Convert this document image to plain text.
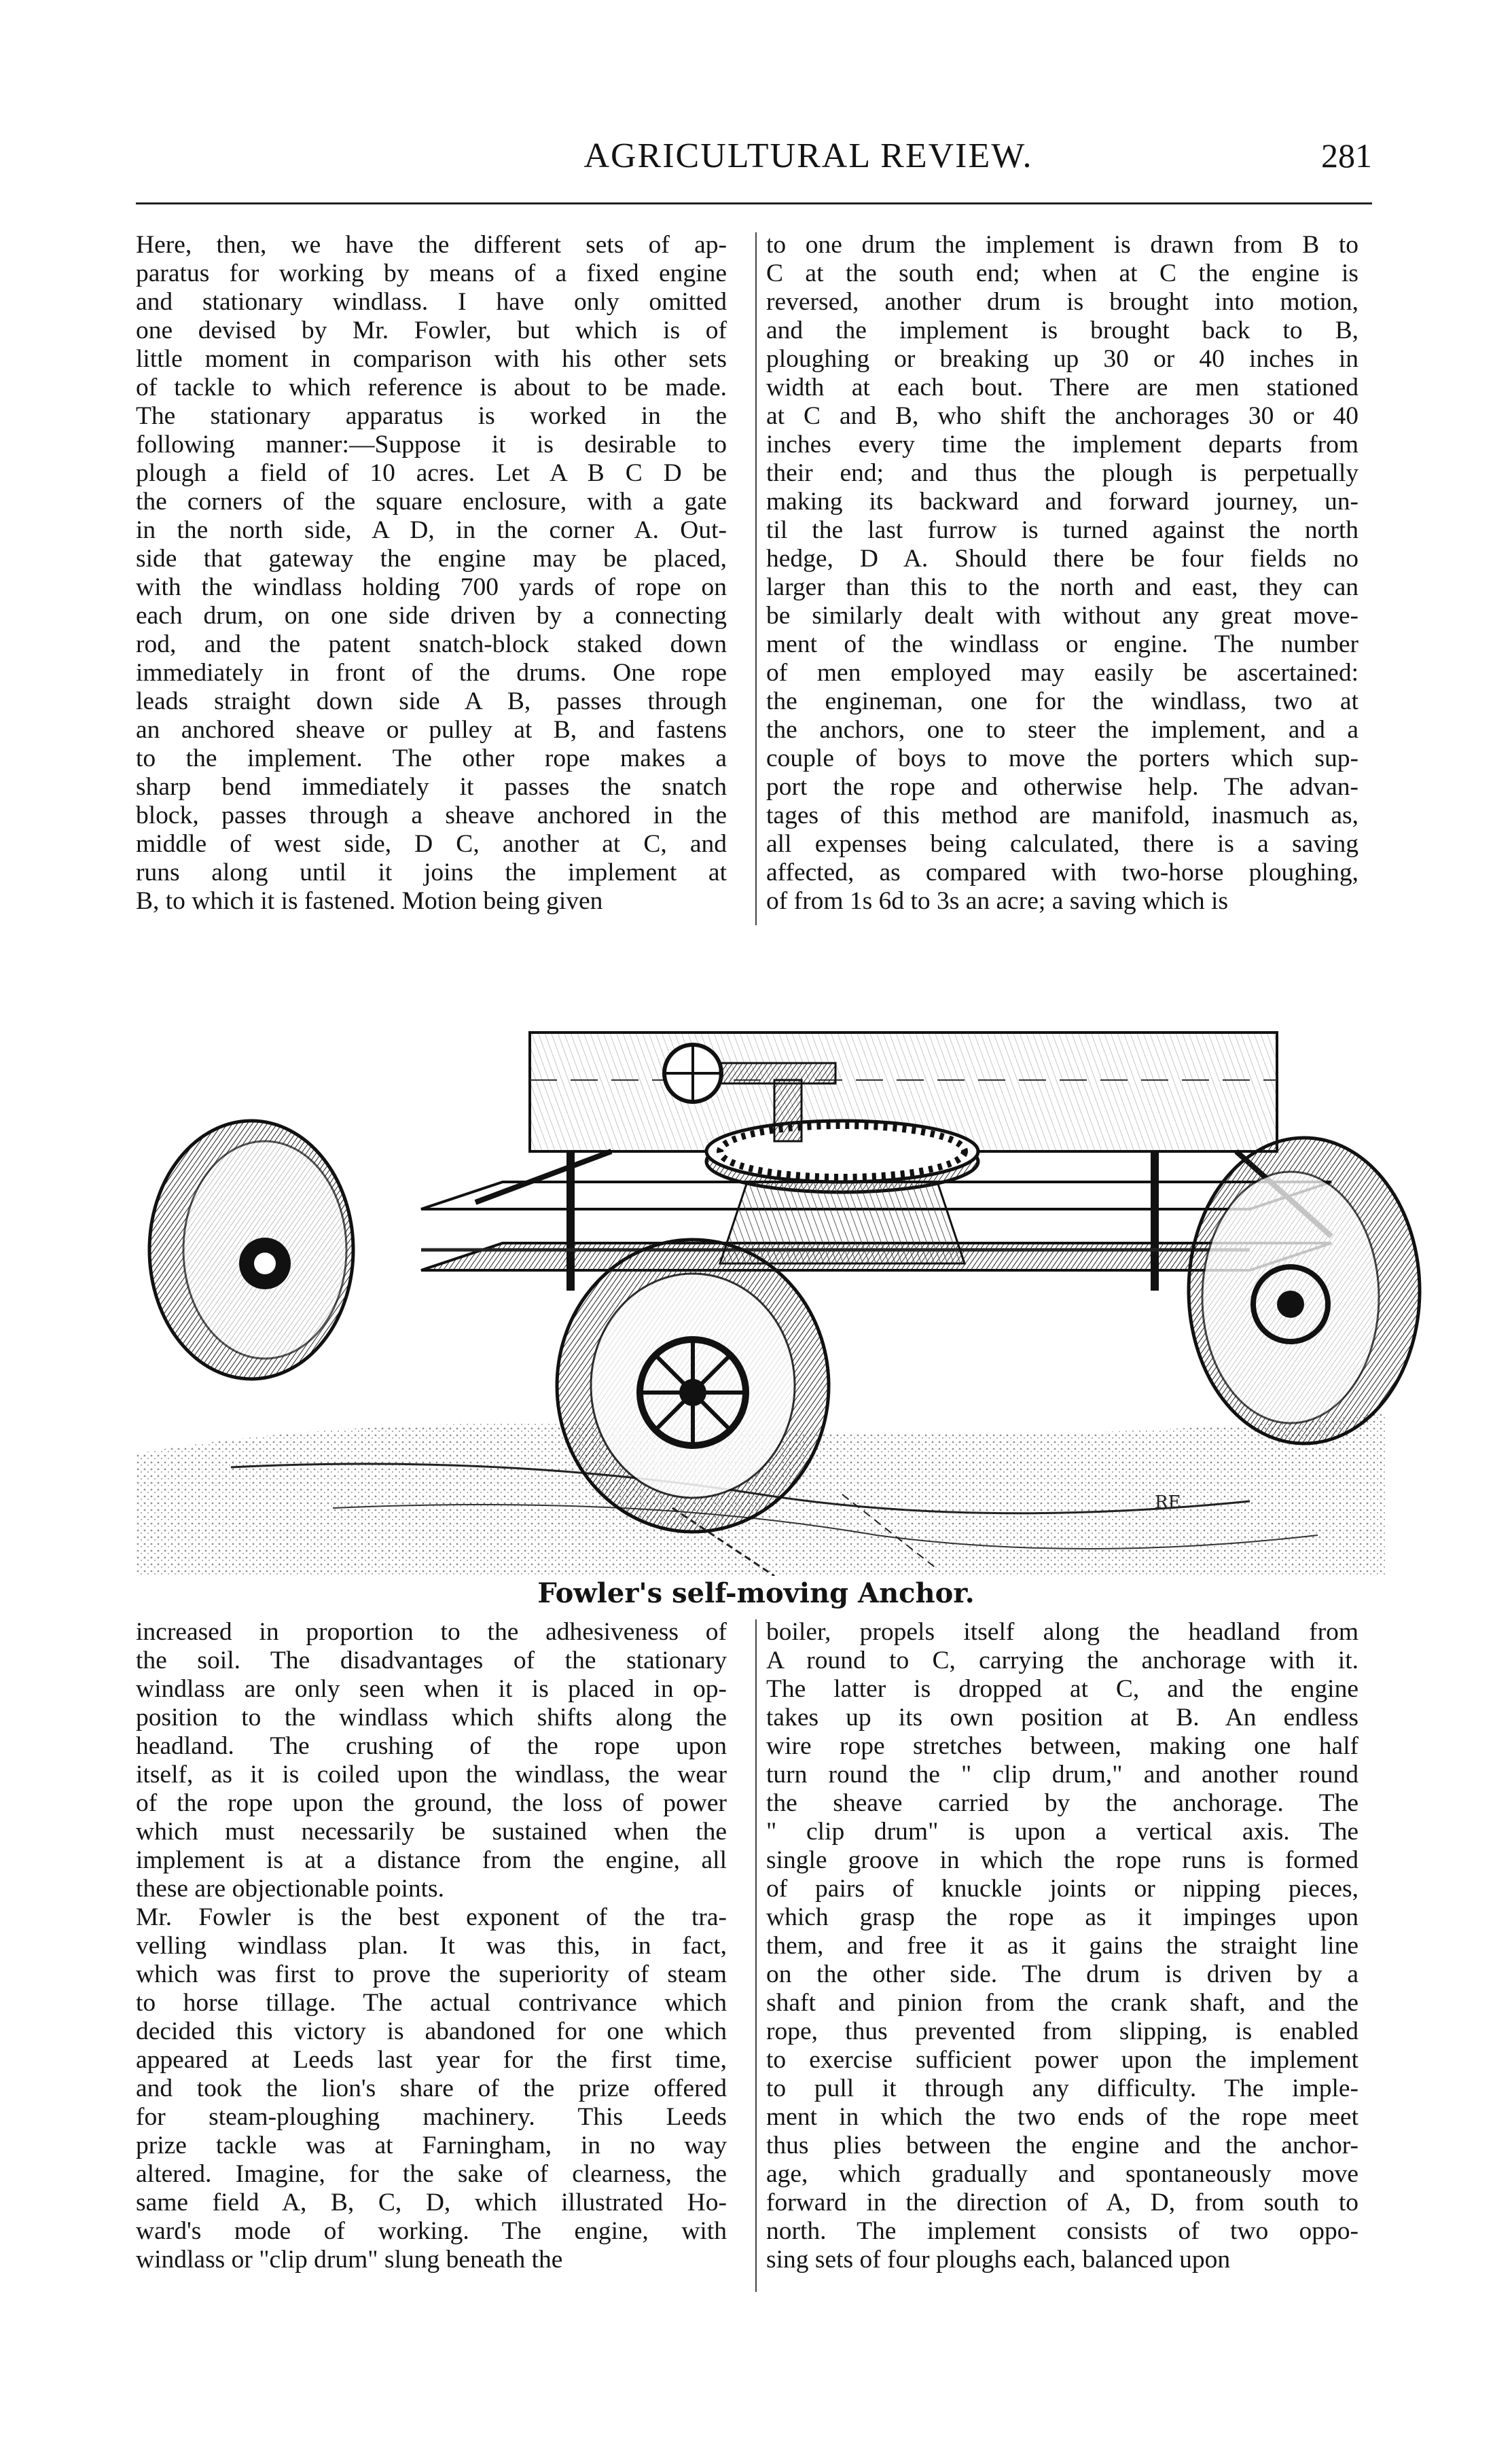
AGRICULTURAL REVIEW.	281

Here, then, we have the different sets of ap-
paratus for working by means of a fixed engine
and stationary windlass. I have only omitted
one devised by Mr. Fowler, but which is of
little moment in comparison with his other sets
of tackle to which reference is about to be made.
The stationary apparatus is worked in the
following manner:—Suppose it is desirable to
plough a field of 10 acres. Let A B C D be
the corners of the square enclosure, with a gate
in the north side, A D, in the corner A. Out-
side that gateway the engine may be placed,
with the windlass holding 700 yards of rope on
each drum, on one side driven by a connecting
rod, and the patent snatch-block staked down
immediately in front of the drums. One rope
leads straight down side A B, passes through
an anchored sheave or pulley at B, and fastens
to the implement. The other rope makes a
sharp bend immediately it passes the snatch
block, passes through a sheave anchored in the
middle of west side, D C, another at C, and
runs along until it joins the implement at
B, to which it is fastened. Motion being given

to one drum the implement is drawn from B to
C at the south end; when at C the engine is
reversed, another drum is brought into motion,
and the implement is brought back to B,
ploughing or breaking up 30 or 40 inches in
width at each bout. There are men stationed
at C and B, who shift the anchorages 30 or 40
inches every time the implement departs from
their end; and thus the plough is perpetually
making its backward and forward journey, un-
til the last furrow is turned against the north
hedge, D A. Should there be four fields no
larger than this to the north and east, they can
be similarly dealt with without any great move-
ment of the windlass or engine. The number
of men employed may easily be ascertained:
the engineman, one for the windlass, two at
the anchors, one to steer the implement, and a
couple of boys to move the porters which sup-
port the rope and otherwise help. The advan-
tages of this method are manifold, inasmuch as,
all expenses being calculated, there is a saving
affected, as compared with two-horse ploughing,
of from 1s 6d to 3s an acre; a saving which is

RE
Fowler's self-moving Anchor.

increased in proportion to the adhesiveness of
the soil. The disadvantages of the stationary
windlass are only seen when it is placed in op-
position to the windlass which shifts along the
headland. The crushing of the rope upon
itself, as it is coiled upon the windlass, the wear
of the rope upon the ground, the loss of power
which must necessarily be sustained when the
implement is at a distance from the engine, all
these are objectionable points.

Mr. Fowler is the best exponent of the tra-
velling windlass plan. It was this, in fact,
which was first to prove the superiority of steam
to horse tillage. The actual contrivance which
decided this victory is abandoned for one which
appeared at Leeds last year for the first time,
and took the lion's share of the prize offered
for steam-ploughing machinery. This Leeds
prize tackle was at Farningham, in no way
altered. Imagine, for the sake of clearness, the
same field A, B, C, D, which illustrated Ho-
ward's mode of working. The engine, with
windlass or "clip drum" slung beneath the

boiler, propels itself along the headland from
A round to C, carrying the anchorage with it.
The latter is dropped at C, and the engine
takes up its own position at B. An endless
wire rope stretches between, making one half
turn round the " clip drum," and another round
the sheave carried by the anchorage. The
" clip drum" is upon a vertical axis. The
single groove in which the rope runs is formed
of pairs of knuckle joints or nipping pieces,
which grasp the rope as it impinges upon
them, and free it as it gains the straight line
on the other side. The drum is driven by a
shaft and pinion from the crank shaft, and the
rope, thus prevented from slipping, is enabled
to exercise sufficient power upon the implement
to pull it through any difficulty. The imple-
ment in which the two ends of the rope meet
thus plies between the engine and the anchor-
age, which gradually and spontaneously move
forward in the direction of A, D, from south to
north. The implement consists of two oppo-
sing sets of four ploughs each, balanced upon
